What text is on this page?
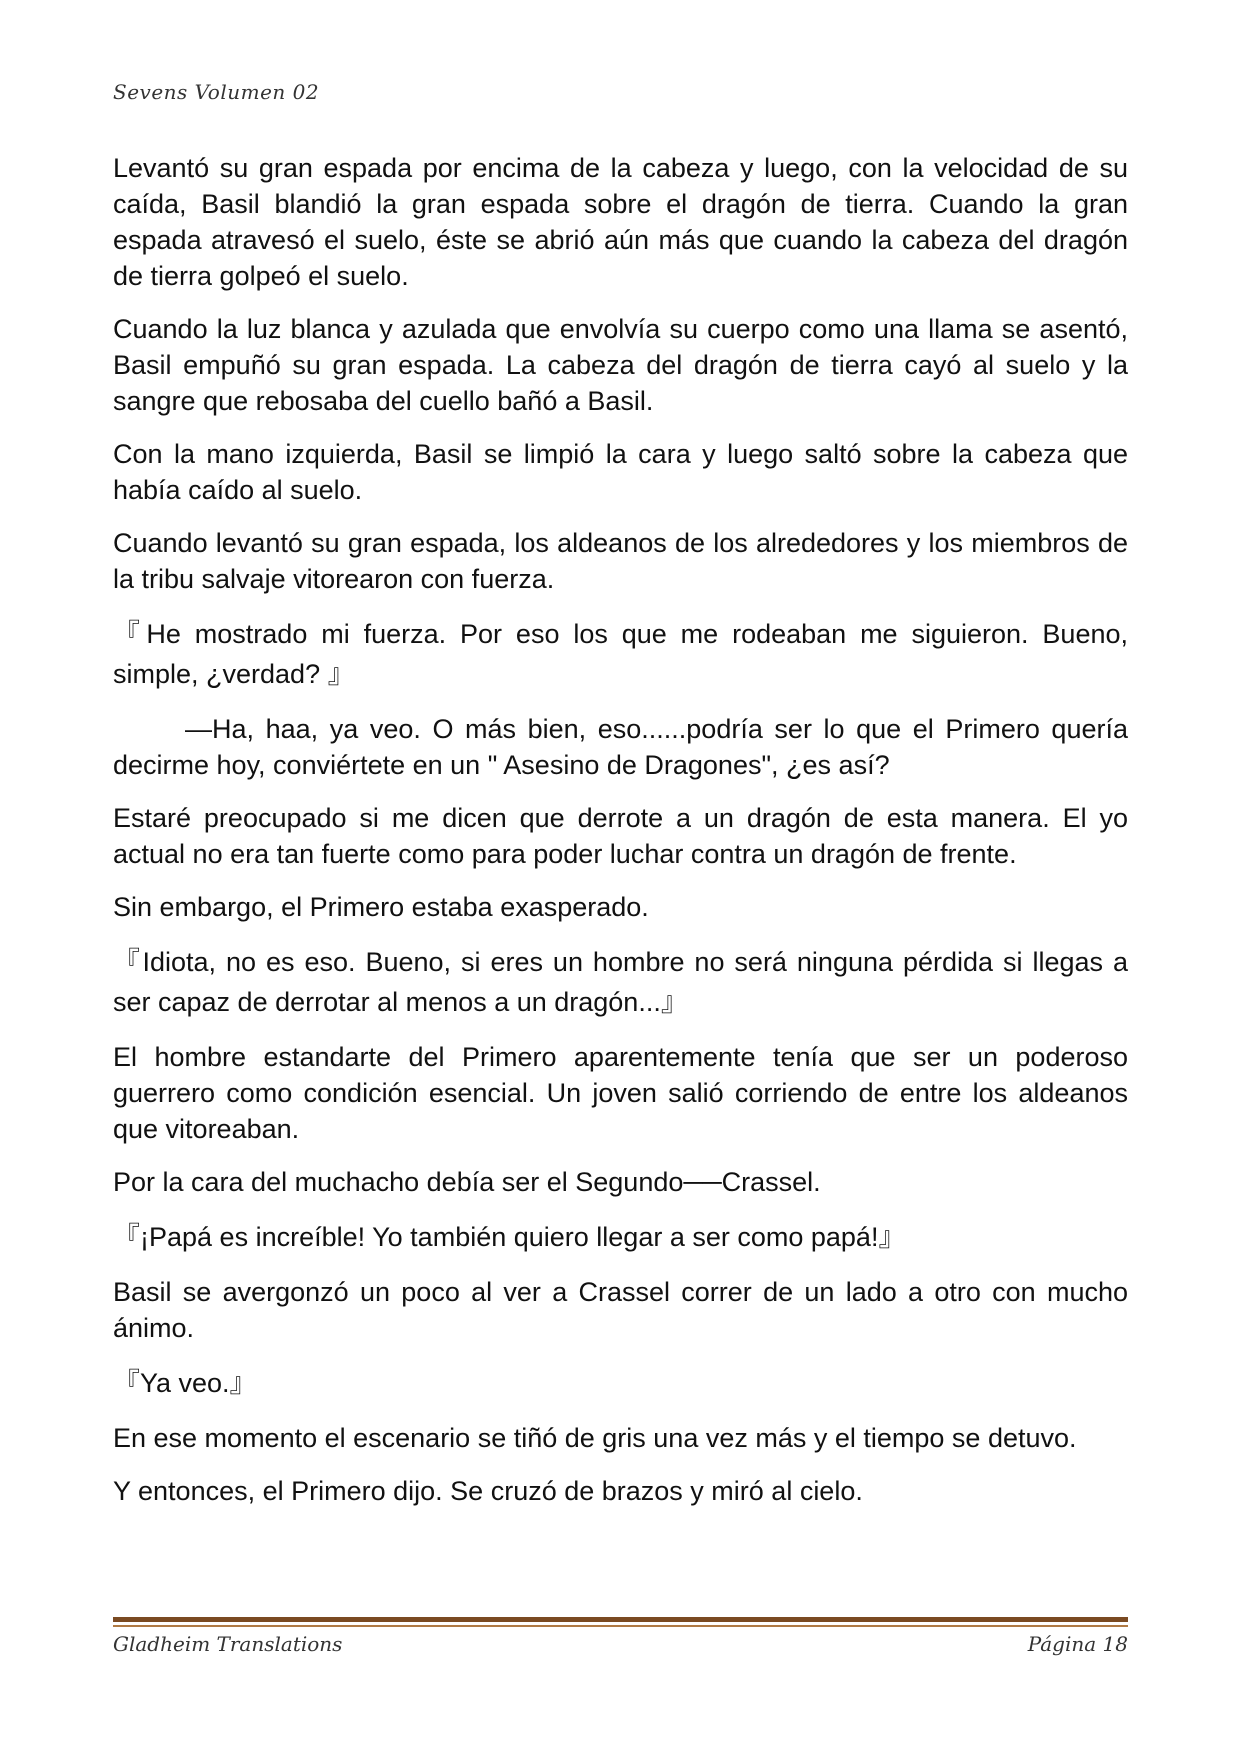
Sevens Volumen 02

Levantó su gran espada por encima de la cabeza y luego, con la velocidad de su caída, Basil blandió la gran espada sobre el dragón de tierra. Cuando la gran espada atravesó el suelo, éste se abrió aún más que cuando la cabeza del dragón de tierra golpeó el suelo.

Cuando la luz blanca y azulada que envolvía su cuerpo como una llama se asentó, Basil empuñó su gran espada. La cabeza del dragón de tierra cayó al suelo y la sangre que rebosaba del cuello bañó a Basil.

Con la mano izquierda, Basil se limpió la cara y luego saltó sobre la cabeza que había caído al suelo.

Cuando levantó su gran espada, los aldeanos de los alrededores y los miembros de la tribu salvaje vitorearon con fuerza.

『He mostrado mi fuerza. Por eso los que me rodeaban me siguieron. Bueno, simple, ¿verdad? 』

—Ha, haa, ya veo. O más bien, eso......podría ser lo que el Primero quería decirme hoy, conviértete en un " Asesino de Dragones", ¿es así?

Estaré preocupado si me dicen que derrote a un dragón de esta manera. El yo actual no era tan fuerte como para poder luchar contra un dragón de frente.

Sin embargo, el Primero estaba exasperado.

『Idiota, no es eso. Bueno, si eres un hombre no será ninguna pérdida si llegas a ser capaz de derrotar al menos a un dragón...』

El hombre estandarte del Primero aparentemente tenía que ser un poderoso guerrero como condición esencial. Un joven salió corriendo de entre los aldeanos que vitoreaban.

Por la cara del muchacho debía ser el Segundo──Crassel.

『¡Papá es increíble! Yo también quiero llegar a ser como papá!』

Basil se avergonzó un poco al ver a Crassel correr de un lado a otro con mucho ánimo.

『Ya veo.』

En ese momento el escenario se tiñó de gris una vez más y el tiempo se detuvo.

Y entonces, el Primero dijo. Se cruzó de brazos y miró al cielo.

Gladheim Translations	Página 18
